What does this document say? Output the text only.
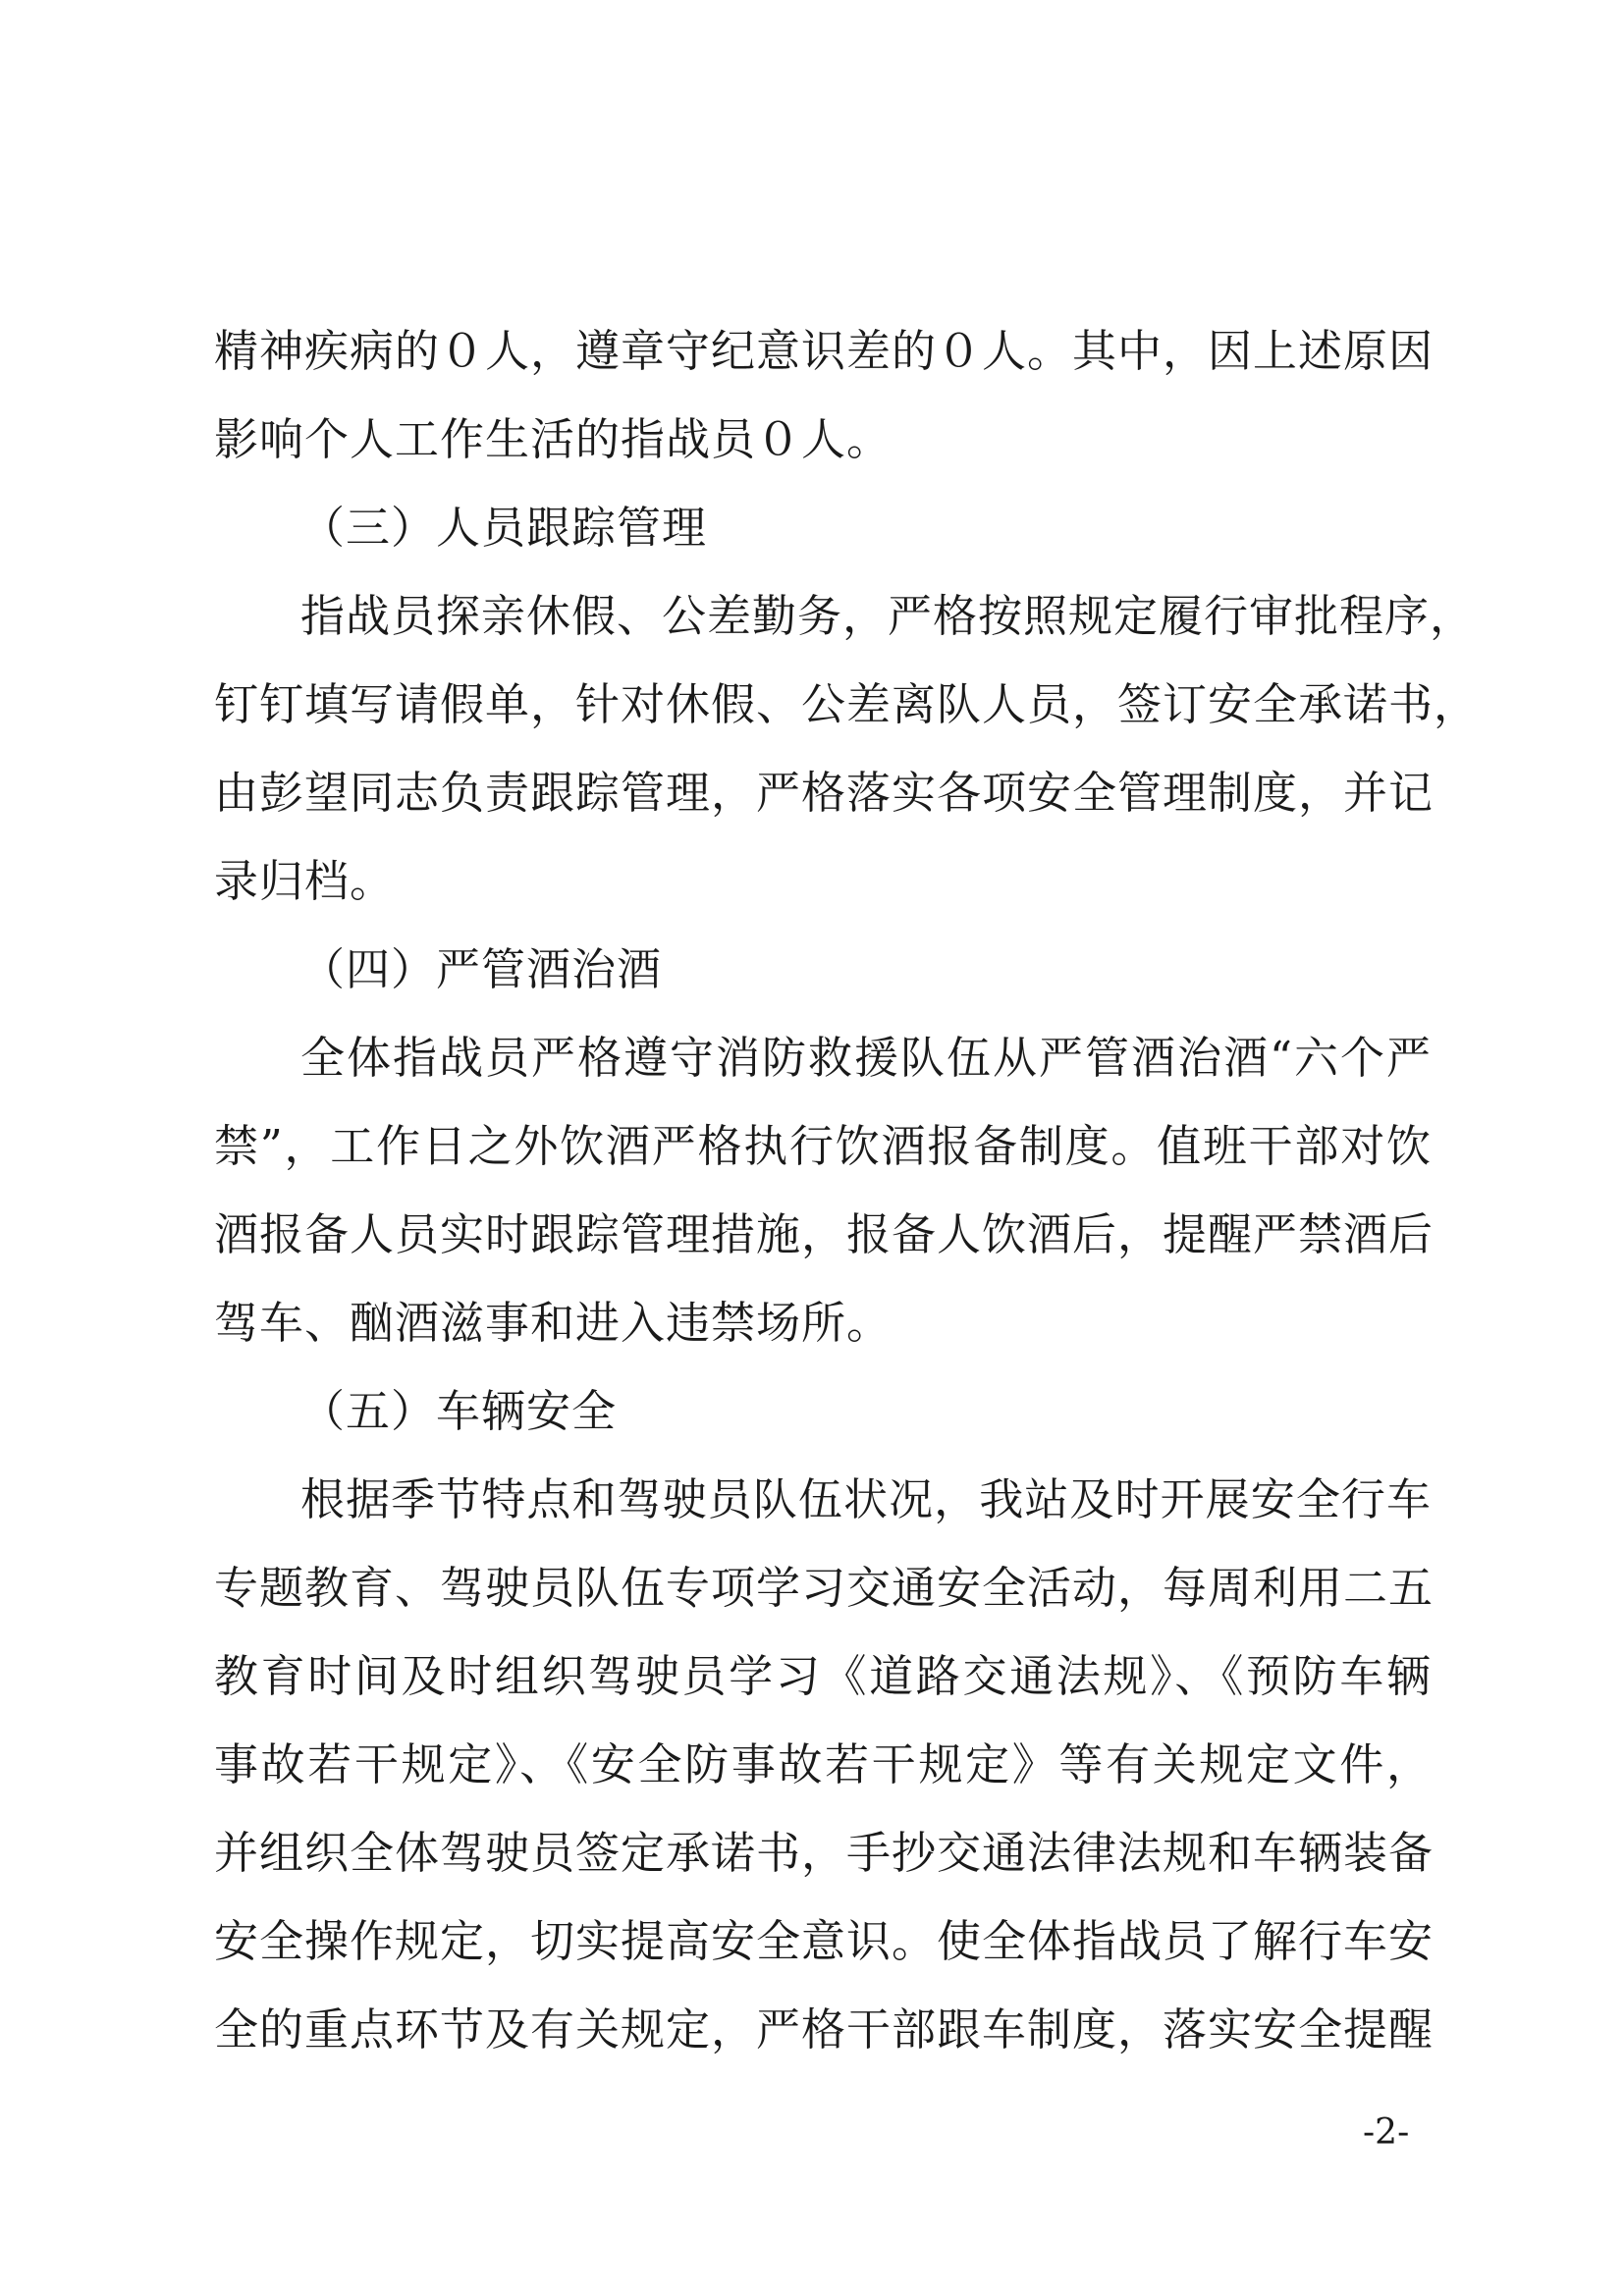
精神疾病的０人，遵章守纪意识差的０人。其中，因上述原因
影响个人工作生活的指战员０人。
（三）人员跟踪管理
指战员探亲休假、公差勤务，严格按照规定履行审批程序，
钉钉填写请假单，针对休假、公差离队人员，签订安全承诺书，
由彭望同志负责跟踪管理，严格落实各项安全管理制度，并记
录归档。
（四）严管酒治酒
全体指战员严格遵守消防救援队伍从严管酒治酒“六个严
禁”，工作日之外饮酒严格执行饮酒报备制度。值班干部对饮
酒报备人员实时跟踪管理措施，报备人饮酒后，提醒严禁酒后
驾车、酗酒滋事和进入违禁场所。
（五）车辆安全
根据季节特点和驾驶员队伍状况，我站及时开展安全行车
专题教育、驾驶员队伍专项学习交通安全活动，每周利用二五
教育时间及时组织驾驶员学习《道路交通法规》、《预防车辆
事故若干规定》、《安全防事故若干规定》等有关规定文件，
并组织全体驾驶员签定承诺书，手抄交通法律法规和车辆装备
安全操作规定，切实提高安全意识。使全体指战员了解行车安
全的重点环节及有关规定，严格干部跟车制度，落实安全提醒
-2-
